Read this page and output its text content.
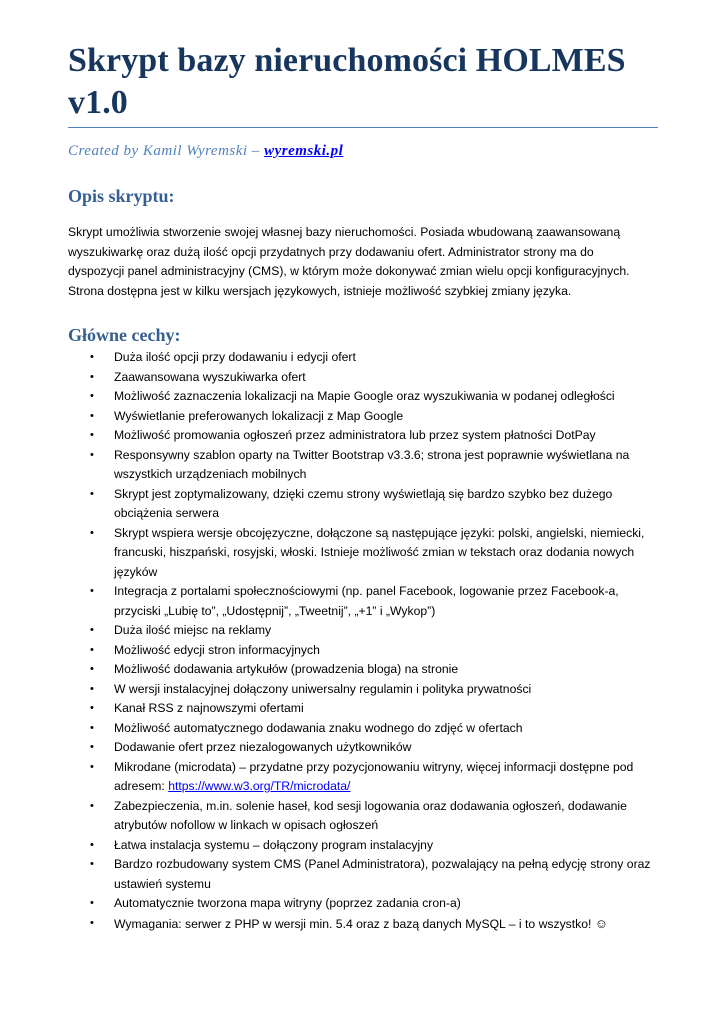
Skrypt bazy nieruchomości HOLMES v1.0
Created by Kamil Wyremski – wyremski.pl
Opis skryptu:

Skrypt umożliwia stworzenie swojej własnej bazy nieruchomości. Posiada wbudowaną zaawansowaną
wyszukiwarkę oraz dużą ilość opcji przydatnych przy dodawaniu ofert. Administrator strony ma do
dyspozycji panel administracyjny (CMS), w którym może dokonywać zmian wielu opcji konfiguracyjnych.
Strona dostępna jest w kilku wersjach językowych, istnieje możliwość szybkiej zmiany języka.

Główne cechy:
• Duża ilość opcji przy dodawaniu i edycji ofert
• Zaawansowana wyszukiwarka ofert
• Możliwość zaznaczenia lokalizacji na Mapie Google oraz wyszukiwania w podanej odległości
• Wyświetlanie preferowanych lokalizacji z Map Google
• Możliwość promowania ogłoszeń przez administratora lub przez system płatności DotPay
• Responsywny szablon oparty na Twitter Bootstrap v3.3.6; strona jest poprawnie wyświetlana na
wszystkich urządzeniach mobilnych
• Skrypt jest zoptymalizowany, dzięki czemu strony wyświetlają się bardzo szybko bez dużego
obciążenia serwera
• Skrypt wspiera wersje obcojęzyczne, dołączone są następujące języki: polski, angielski, niemiecki,
francuski, hiszpański, rosyjski, włoski. Istnieje możliwość zmian w tekstach oraz dodania nowych
języków
• Integracja z portalami społecznościowymi (np. panel Facebook, logowanie przez Facebook-a,
przyciski „Lubię to”, „Udostępnij”, „Tweetnij”, „+1” i „Wykop”)
• Duża ilość miejsc na reklamy
• Możliwość edycji stron informacyjnych
• Możliwość dodawania artykułów (prowadzenia bloga) na stronie
• W wersji instalacyjnej dołączony uniwersalny regulamin i polityka prywatności
• Kanał RSS z najnowszymi ofertami
• Możliwość automatycznego dodawania znaku wodnego do zdjęć w ofertach
• Dodawanie ofert przez niezalogowanych użytkowników
• Mikrodane (microdata) – przydatne przy pozycjonowaniu witryny, więcej informacji dostępne pod
adresem: https://www.w3.org/TR/microdata/
• Zabezpieczenia, m.in. solenie haseł, kod sesji logowania oraz dodawania ogłoszeń, dodawanie
atrybutów nofollow w linkach w opisach ogłoszeń
• Łatwa instalacja systemu – dołączony program instalacyjny
• Bardzo rozbudowany system CMS (Panel Administratora), pozwalający na pełną edycję strony oraz
ustawień systemu
• Automatycznie tworzona mapa witryny (poprzez zadania cron-a)
• Wymagania: serwer z PHP w wersji min. 5.4 oraz z bazą danych MySQL – i to wszystko! ☺
